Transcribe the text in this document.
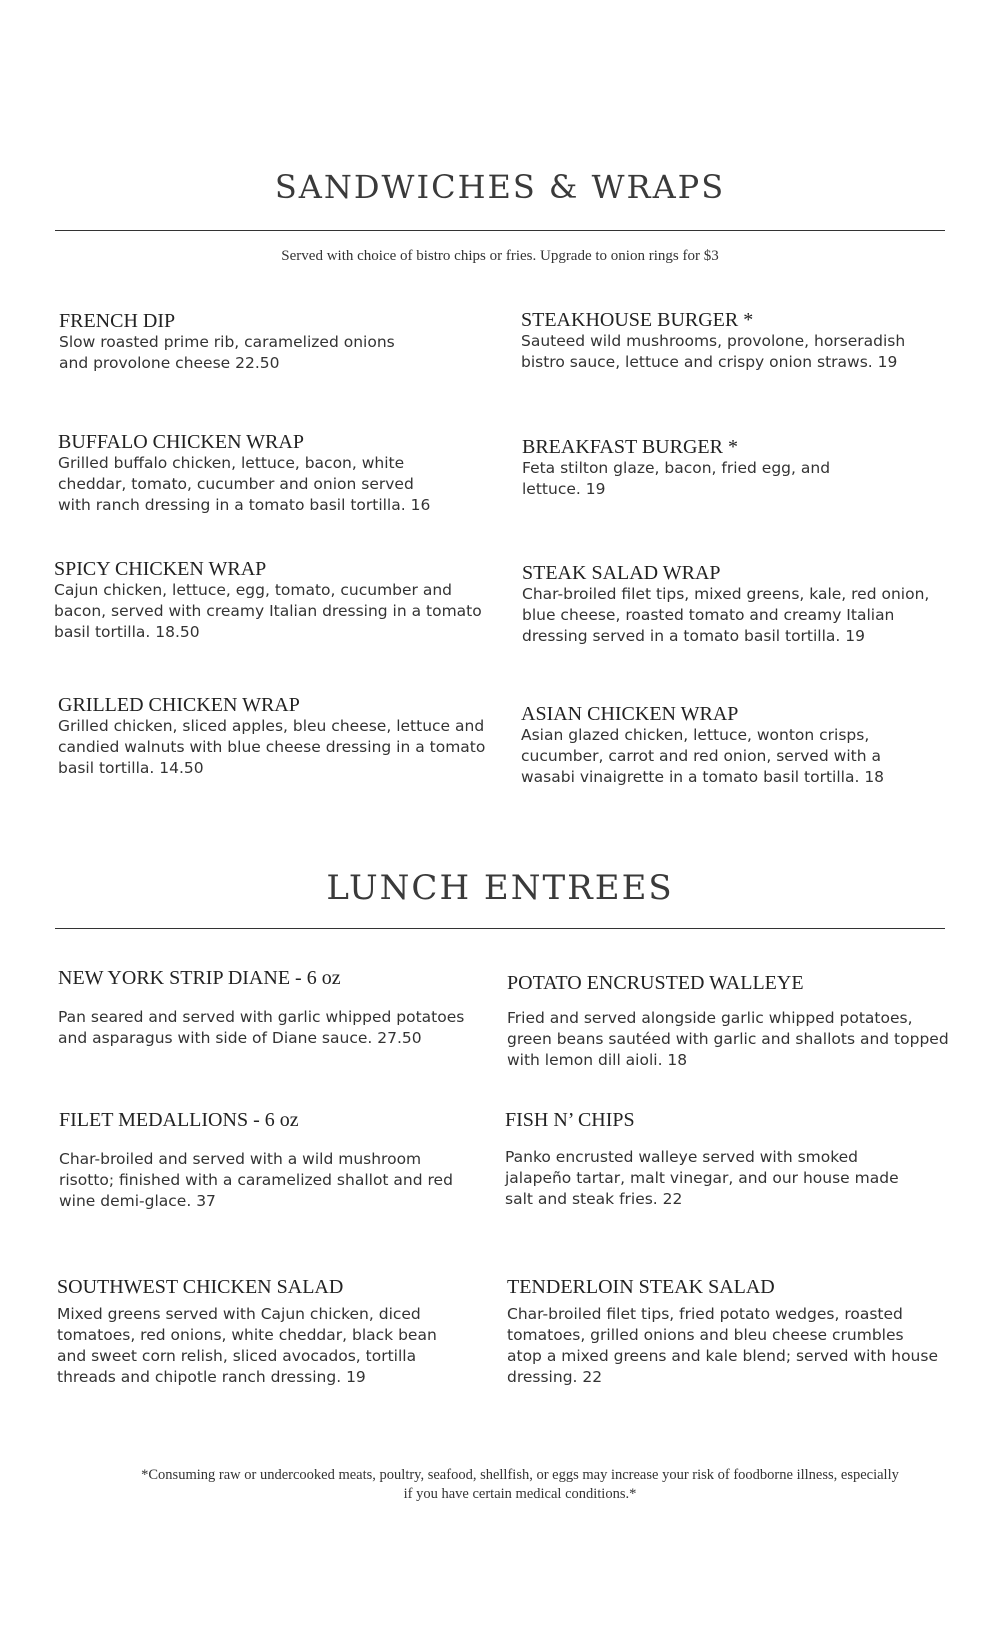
SANDWICHES & WRAPS

Served with choice of bistro chips or fries. Upgrade to onion rings for $3

FRENCH DIP

Slow roasted prime rib, caramelized onions
and provolone cheese 22.50

STEAKHOUSE BURGER *

Sauteed wild mushrooms, provolone, horseradish
bistro sauce, lettuce and crispy onion straws. 19

BUFFALO CHICKEN WRAP

Grilled buffalo chicken, lettuce, bacon, white
cheddar, tomato, cucumber and onion served
with ranch dressing in a tomato basil tortilla. 16

BREAKFAST BURGER *

Feta stilton glaze, bacon, fried egg, and
lettuce. 19

SPICY CHICKEN WRAP

Cajun chicken, lettuce, egg, tomato, cucumber and
bacon, served with creamy Italian dressing in a tomato
basil tortilla. 18.50

STEAK SALAD WRAP

Char-broiled filet tips, mixed greens, kale, red onion,
blue cheese, roasted tomato and creamy Italian
dressing served in a tomato basil tortilla. 19

GRILLED CHICKEN WRAP

Grilled chicken, sliced apples, bleu cheese, lettuce and
candied walnuts with blue cheese dressing in a tomato
basil tortilla. 14.50

ASIAN CHICKEN WRAP

Asian glazed chicken, lettuce, wonton crisps,
cucumber, carrot and red onion, served with a
wasabi vinaigrette in a tomato basil tortilla. 18

LUNCH ENTREES
NEW YORK STRIP DIANE - 6 oz

Pan seared and served with garlic whipped potatoes
and asparagus with side of Diane sauce. 27.50

POTATO ENCRUSTED WALLEYE

Fried and served alongside garlic whipped potatoes,
green beans sautéed with garlic and shallots and topped
with lemon dill aioli. 18

FILET MEDALLIONS - 6 oz

Char-broiled and served with a wild mushroom
risotto; finished with a caramelized shallot and red
wine demi-glace. 37

FISH N’ CHIPS

Panko encrusted walleye served with smoked
jalapeño tartar, malt vinegar, and our house made
salt and steak fries. 22

SOUTHWEST CHICKEN SALAD

Mixed greens served with Cajun chicken, diced
tomatoes, red onions, white cheddar, black bean
and sweet corn relish, sliced avocados, tortilla
threads and chipotle ranch dressing. 19

TENDERLOIN STEAK SALAD

Char-broiled filet tips, fried potato wedges, roasted
tomatoes, grilled onions and bleu cheese crumbles
atop a mixed greens and kale blend; served with house
dressing. 22

*Consuming raw or undercooked meats, poultry, seafood, shellfish, or eggs may increase your risk of foodborne illness, especially if you have certain medical conditions.*
